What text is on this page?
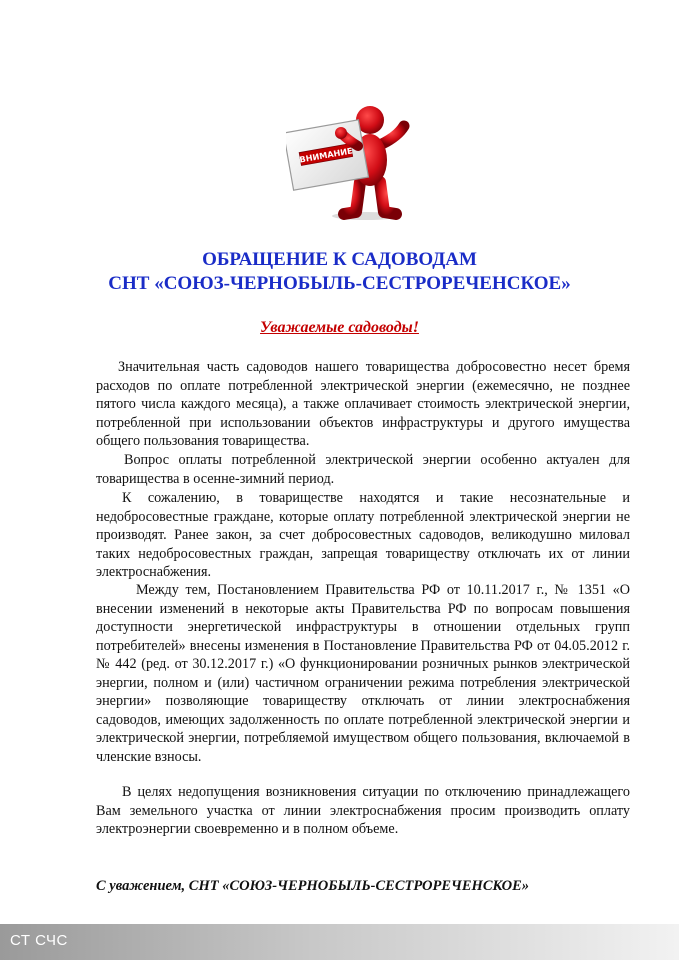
ВНИМАНИЕ
ОБРАЩЕНИЕ К САДОВОДАМ
СНТ «СОЮЗ-ЧЕРНОБЫЛЬ-СЕСТРОРЕЧЕНСКОЕ»
Уважаемые садоводы!

Значительная часть садоводов нашего товарищества добросовестно несет бремя расходов по оплате потребленной электрической энергии (ежемесячно, не позднее пятого числа каждого месяца), а также оплачивает стоимость электрической энергии, потребленной при использовании объектов инфраструктуры и другого имущества общего пользования товарищества.

Вопрос оплаты потребленной электрической энергии особенно актуален для товарищества в осенне-зимний период.

К сожалению, в товариществе находятся и такие несознательные и недобросовестные граждане, которые оплату потребленной электрической энергии не производят. Ранее закон, за счет добросовестных садоводов, великодушно миловал таких недобросовестных граждан, запрещая товариществу отключать их от линии электроснабжения.

Между тем, Постановлением Правительства РФ от 10.11.2017 г., № 1351 «О внесении изменений в некоторые акты Правительства РФ по вопросам повышения доступности энергетической инфраструктуры в отношении отдельных групп потребителей» внесены изменения в Постановление Правительства РФ от 04.05.2012 г. № 442 (ред. от 30.12.2017 г.) «О функционировании розничных рынков электрической энергии, полном и (или) частичном ограничении режима потребления электрической энергии» позволяющие товариществу отключать от линии электроснабжения садоводов, имеющих задолженность по оплате потребленной электрической энергии и электрической энергии, потребляемой имуществом общего пользования, включаемой в членские взносы.

В целях недопущения возникновения ситуации по отключению принадлежащего Вам земельного участка от линии электроснабжения просим производить оплату электроэнергии своевременно и в полном объеме.

С уважением, СНТ «СОЮЗ-ЧЕРНОБЫЛЬ-СЕСТРОРЕЧЕНСКОЕ»
СТ СЧС
